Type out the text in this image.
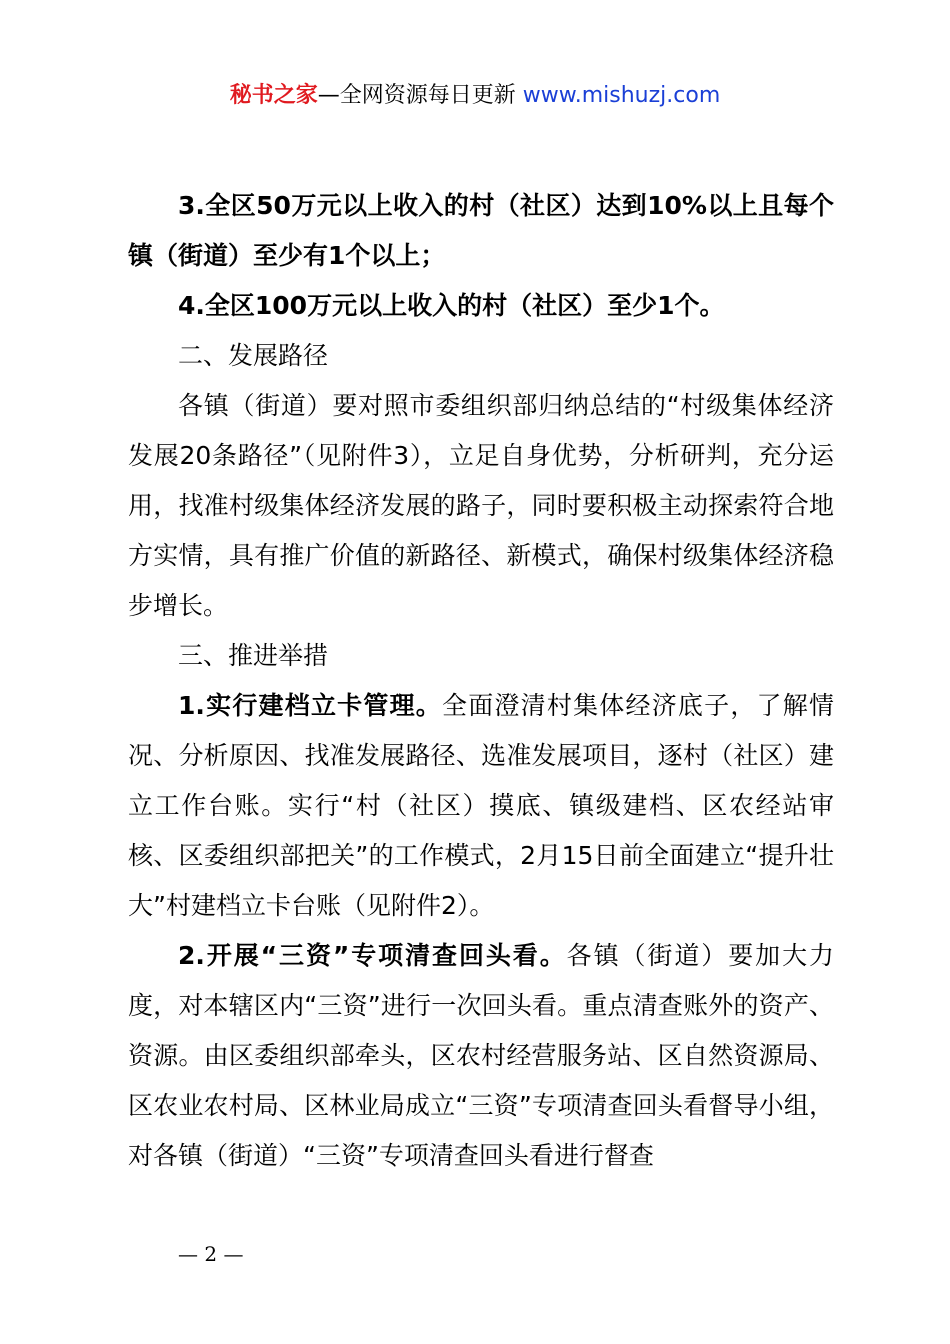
秘书之家—全网资源每日更新 www.mishuzj.com

3.全区50万元以上收入的村（社区）达到10%以上且每个镇（街道）至少有1个以上；

4.全区100万元以上收入的村（社区）至少1个。

二、发展路径

各镇（街道）要对照市委组织部归纳总结的“村级集体经济发展20条路径”（见附件3），立足自身优势，分析研判，充分运用，找准村级集体经济发展的路子，同时要积极主动探索符合地方实情，具有推广价值的新路径、新模式，确保村级集体经济稳步增长。

三、推进举措

1.实行建档立卡管理。全面澄清村集体经济底子，了解情况、分析原因、找准发展路径、选准发展项目，逐村（社区）建立工作台账。实行“村（社区）摸底、镇级建档、区农经站审核、区委组织部把关”的工作模式，2月15日前全面建立“提升壮大”村建档立卡台账（见附件2）。

2.开展“三资”专项清查回头看。各镇（街道）要加大力度，对本辖区内“三资”进行一次回头看。重点清查账外的资产、资源。由区委组织部牵头，区农村经营服务站、区自然资源局、区农业农村局、区林业局成立“三资”专项清查回头看督导小组，对各镇（街道）“三资”专项清查回头看进行督查

— 2 —
